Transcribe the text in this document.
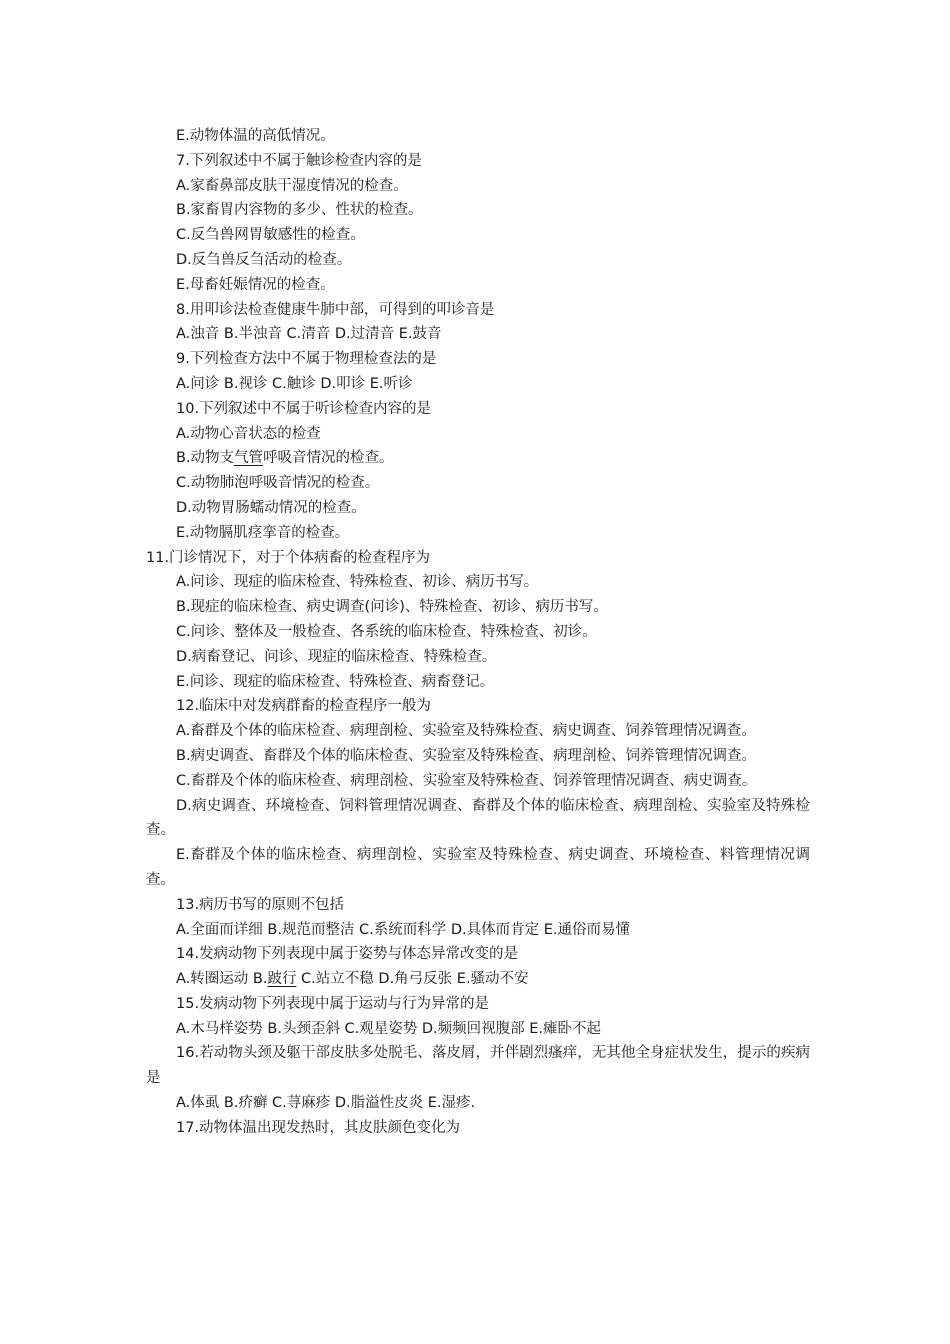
E.动物体温的高低情况。
7.下列叙述中不属于触诊检查内容的是
A.家畜鼻部皮肤干湿度情况的检查。
B.家畜胃内容物的多少、性状的检查。
C.反刍兽网胃敏感性的检查。
D.反刍兽反刍活动的检查。
E.母畜妊娠情况的检查。
8.用叩诊法检查健康牛肺中部，可得到的叩诊音是
A.浊音 B.半浊音 C.清音 D.过清音 E.鼓音
9.下列检查方法中不属于物理检查法的是
A.问诊 B.视诊 C.触诊 D.叩诊 E.听诊
10.下列叙述中不属于听诊检查内容的是
A.动物心音状态的检查
B.动物支气管呼吸音情况的检查。
C.动物肺泡呼吸音情况的检查。
D.动物胃肠蠕动情况的检查。
E.动物膈肌痉挛音的检查。
11.门诊情况下，对于个体病畜的检查程序为
A.问诊、现症的临床检查、特殊检查、初诊、病历书写。
B.现症的临床检查、病史调查(问诊)、特殊检查、初诊、病历书写。
C.问诊、整体及一般检查、各系统的临床检查、特殊检查、初诊。
D.病畜登记、问诊、现症的临床检查、特殊检查。
E.问诊、现症的临床检查、特殊检查、病畜登记。
12.临床中对发病群畜的检查程序一般为
A.畜群及个体的临床检查、病理剖检、实验室及特殊检查、病史调查、饲养管理情况调查。
B.病史调查、畜群及个体的临床检查、实验室及特殊检查、病理剖检、饲养管理情况调查。
C.畜群及个体的临床检查、病理剖检、实验室及特殊检查、饲养管理情况调查、病史调查。
D.病史调查、环境检查、饲料管理情况调查、畜群及个体的临床检查、病理剖检、实验室及特殊检查。
E.畜群及个体的临床检查、病理剖检、实验室及特殊检查、病史调查、环境检查、料管理情况调查。
13.病历书写的原则不包括
A.全面而详细 B.规范而整洁 C.系统而科学 D.具体而肯定 E.通俗而易懂
14.发病动物下列表现中属于姿势与体态异常改变的是
A.转圈运动 B.跛行 C.站立不稳 D.角弓反张 E.骚动不安
15.发病动物下列表现中属于运动与行为异常的是
A.木马样姿势 B.头颈歪斜 C.观星姿势 D.频频回视腹部 E.瘫卧不起
16.若动物头颈及躯干部皮肤多处脱毛、落皮屑，并伴剧烈瘙痒，无其他全身症状发生，提示的疾病是
A.体虱 B.疥癣 C.荨麻疹 D.脂溢性皮炎 E.湿疹.
17.动物体温出现发热时，其皮肤颜色变化为
